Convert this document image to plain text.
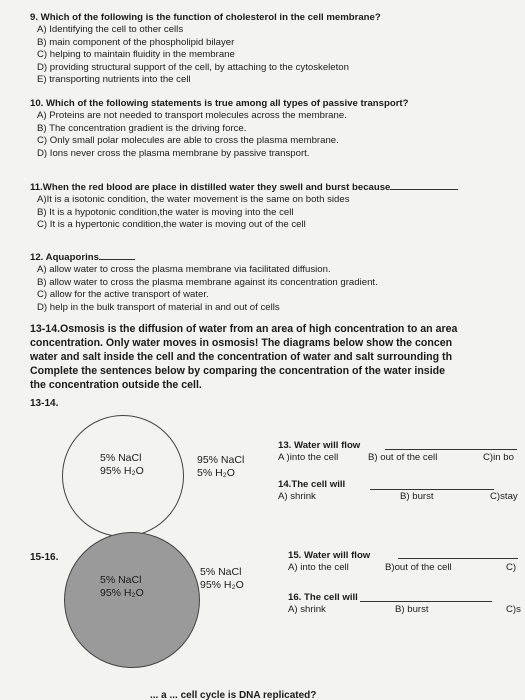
9. Which of the following is the function of cholesterol in the cell membrane?
A) Identifying the cell to other cells
B) main component of the phospholipid bilayer
C) helping to maintain fluidity in the membrane
D) providing structural support of the cell, by attaching to the cytoskeleton
E) transporting nutrients into the cell
10. Which of the following statements is true among all types of passive transport?
A) Proteins are not needed to transport molecules across the membrane.
B) The concentration gradient is the driving force.
C) Only small polar molecules are able to cross the plasma membrane.
D) Ions never cross the plasma membrane by passive transport.
11.When the red blood are place in distilled water they swell and burst because
A)It is a isotonic condition, the water movement is the same on both sides
B) It is a hypotonic condition,the water is moving into the cell
C) It is a hypertonic condition,the water is moving out of the cell
12. Aquaporins
A) allow water to cross the plasma membrane via facilitated diffusion.
B) allow water to cross the plasma membrane against its concentration gradient.
C) allow for the active transport of water.
D) help in the bulk transport of material in and out of cells
13-14.Osmosis is the diffusion of water from an area of high concentration to an area
concentration. Only water moves in osmosis! The diagrams below show the concen
water and salt inside the cell and the concentration of water and salt surrounding th
Complete the sentences below by comparing the concentration of the water inside
the concentration outside the cell.
13-14.
5% NaCl
95% H₂O
95% NaCl
5% H₂O
13. Water will flow
A )into the cell	B) out of the cell	C)in bo
14.The cell will
A) shrink	B) burst	C)stay
15-16.
5% NaCl
95% H₂O
5% NaCl
95% H₂O
15. Water will flow
A) into the cell	B)out of the cell	C)
16. The cell will
A) shrink	B) burst	C)s
... a ... cell cycle is DNA replicated?
